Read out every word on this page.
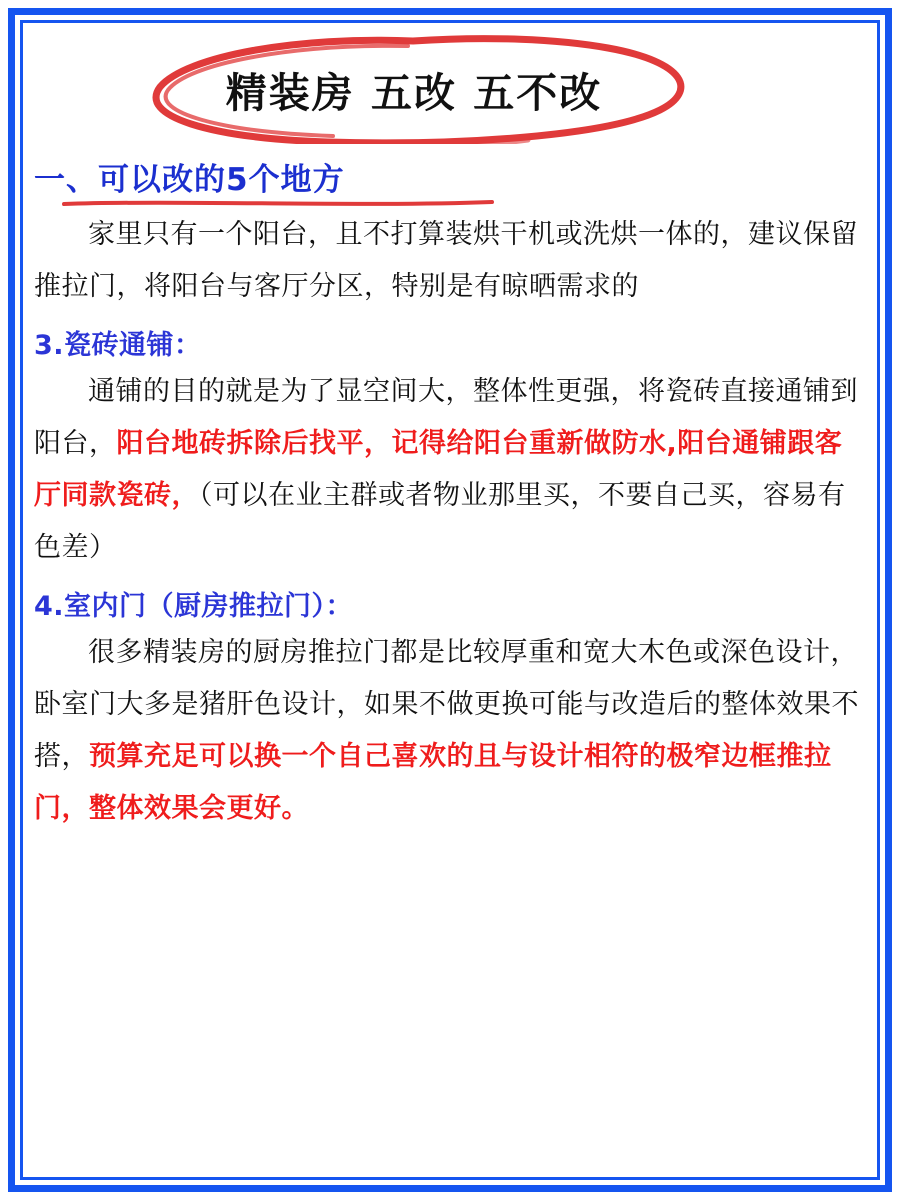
精装房 五改 五不改
一、可以改的5个地方

家里只有一个阳台，且不打算装烘干机或洗烘一体的，建议保留推拉门，将阳台与客厅分区，特别是有晾晒需求的

3.瓷砖通铺：

通铺的目的就是为了显空间大，整体性更强，将瓷砖直接通铺到阳台，阳台地砖拆除后找平，记得给阳台重新做防水,阳台通铺跟客厅同款瓷砖，（可以在业主群或者物业那里买，不要自己买，容易有色差）

4.室内门（厨房推拉门）：

很多精装房的厨房推拉门都是比较厚重和宽大木色或深色设计，卧室门大多是猪肝色设计，如果不做更换可能与改造后的整体效果不搭，预算充足可以换一个自己喜欢的且与设计相符的极窄边框推拉门，整体效果会更好。
